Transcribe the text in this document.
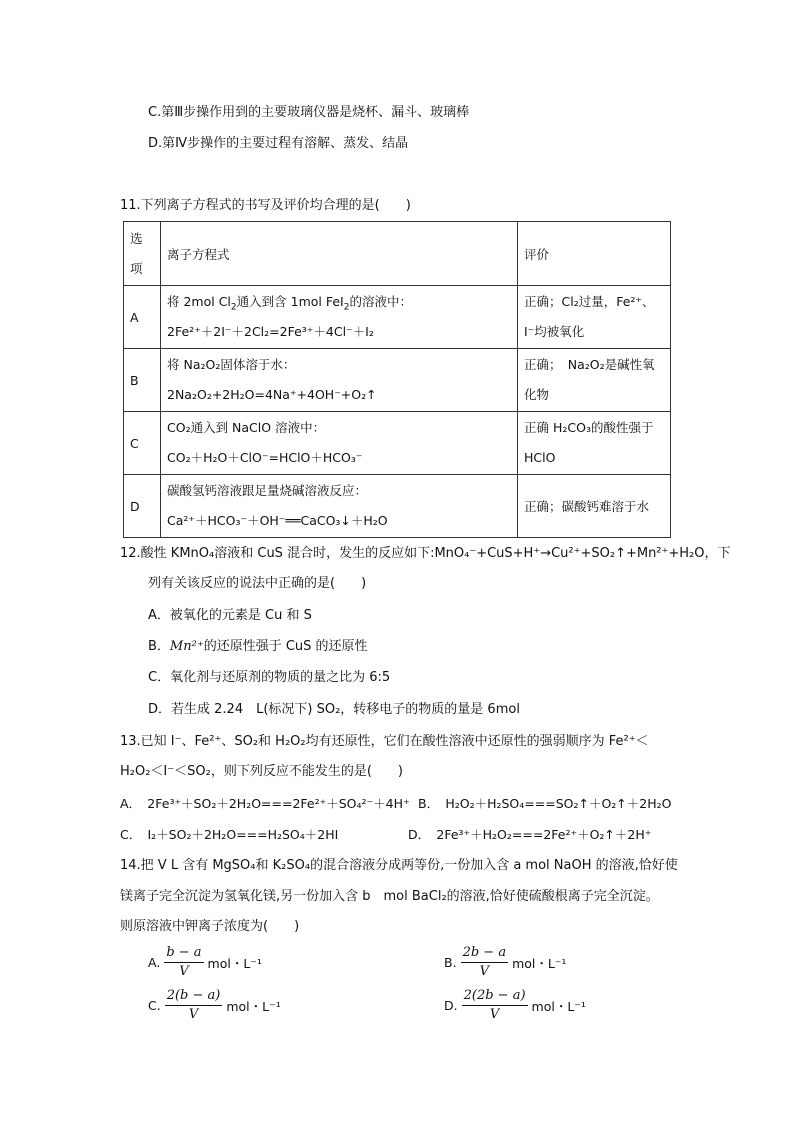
C.第Ⅲ步操作用到的主要玻璃仪器是烧杯、漏斗、玻璃棒
D.第Ⅳ步操作的主要过程有溶解、蒸发、结晶
11.下列离子方程式的书写及评价均合理的是(　　)
选
项	离子方程式	评价
A	将 2mol $Cl_2$通入到含 1mol FeI$_2$的溶液中：
2Fe²⁺＋2I⁻＋2Cl₂=2Fe³⁺＋4Cl⁻＋I₂	正确；Cl₂过量，Fe²⁺、
I⁻均被氧化

B	将 Na₂O₂固体溶于水：
2Na₂O₂+2H₂O=4Na⁺+4OH⁻+O₂↑	正确；　Na₂O₂是碱性氧
化物

C	CO₂通入到 NaClO 溶液中：
CO₂＋H₂O＋ClO⁻=HClO＋HCO₃⁻	正确 H₂CO₃的酸性强于
HClO

D	碳酸氢钙溶液跟足量烧碱溶液反应：
Ca²⁺＋HCO₃⁻＋OH⁻══CaCO₃↓＋H₂O	正确；碳酸钙难溶于水
12.酸性 KMnO₄溶液和 CuS 混合时，发生的反应如下:MnO₄⁻+CuS+H⁺→Cu²⁺+SO₂↑+Mn²⁺+H₂O，下
列有关该反应的说法中正确的是(　　)
A．被氧化的元素是 Cu 和 S
B．Mn²⁺的还原性强于 CuS 的还原性
C．氧化剂与还原剂的物质的量之比为 6:5
D．若生成 2.24　L(标况下) SO₂，转移电子的物质的量是 6mol
13.已知 I⁻、Fe²⁺、SO₂和 H₂O₂均有还原性，它们在酸性溶液中还原性的强弱顺序为 Fe²⁺＜
H₂O₂＜I⁻＜SO₂，则下列反应不能发生的是(　　)
A．　2Fe³⁺＋SO₂＋2H₂O===2Fe²⁺＋SO₄²⁻＋4H⁺ B．　H₂O₂＋H₂SO₄===SO₂↑＋O₂↑＋2H₂O
C．　I₂＋SO₂＋2H₂O===H₂SO₄＋2HI	D．　2Fe³⁺＋H₂O₂===2Fe²⁺＋O₂↑＋2H⁺
14.把 V L 含有 MgSO₄和 K₂SO₄的混合溶液分成两等份,一份加入含 a mol NaOH 的溶液,恰好使
镁离子完全沉淀为氢氧化镁,另一份加入含 b　mol BaCl₂的溶液,恰好使硫酸根离子完全沉淀。
则原溶液中钾离子浓度为(　　)
A. $\frac{b - a}{V}$ mol・L⁻¹	B. $\frac{2b - a}{V}$ mol・L⁻¹
C. $\frac{2(b - a)}{V}$ mol・L⁻¹	D. $\frac{2(2b - a)}{V}$ mol・L⁻¹
